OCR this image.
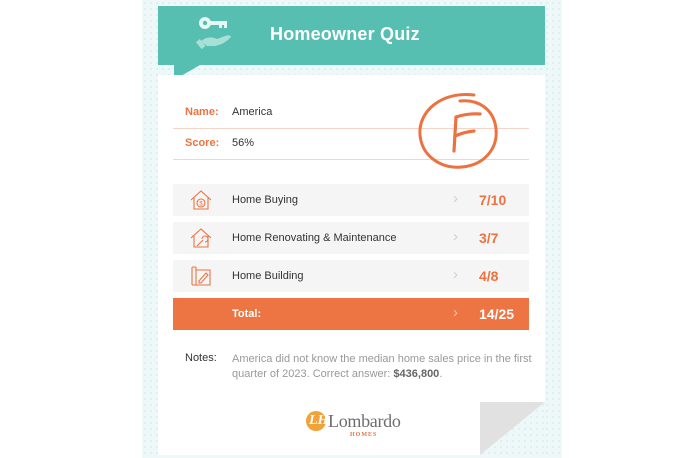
Homeowner Quiz
Name: America
Score: 56%
$	Home Buying	› 7/10
Home Renovating & Maintenance	› 3/7
Home Building	› 4/8
Total:	› 14/25
Notes: America did not know the median home sales price in the first quarter of 2023. Correct answer: $436,800.
LH Lombardo
HOMES
